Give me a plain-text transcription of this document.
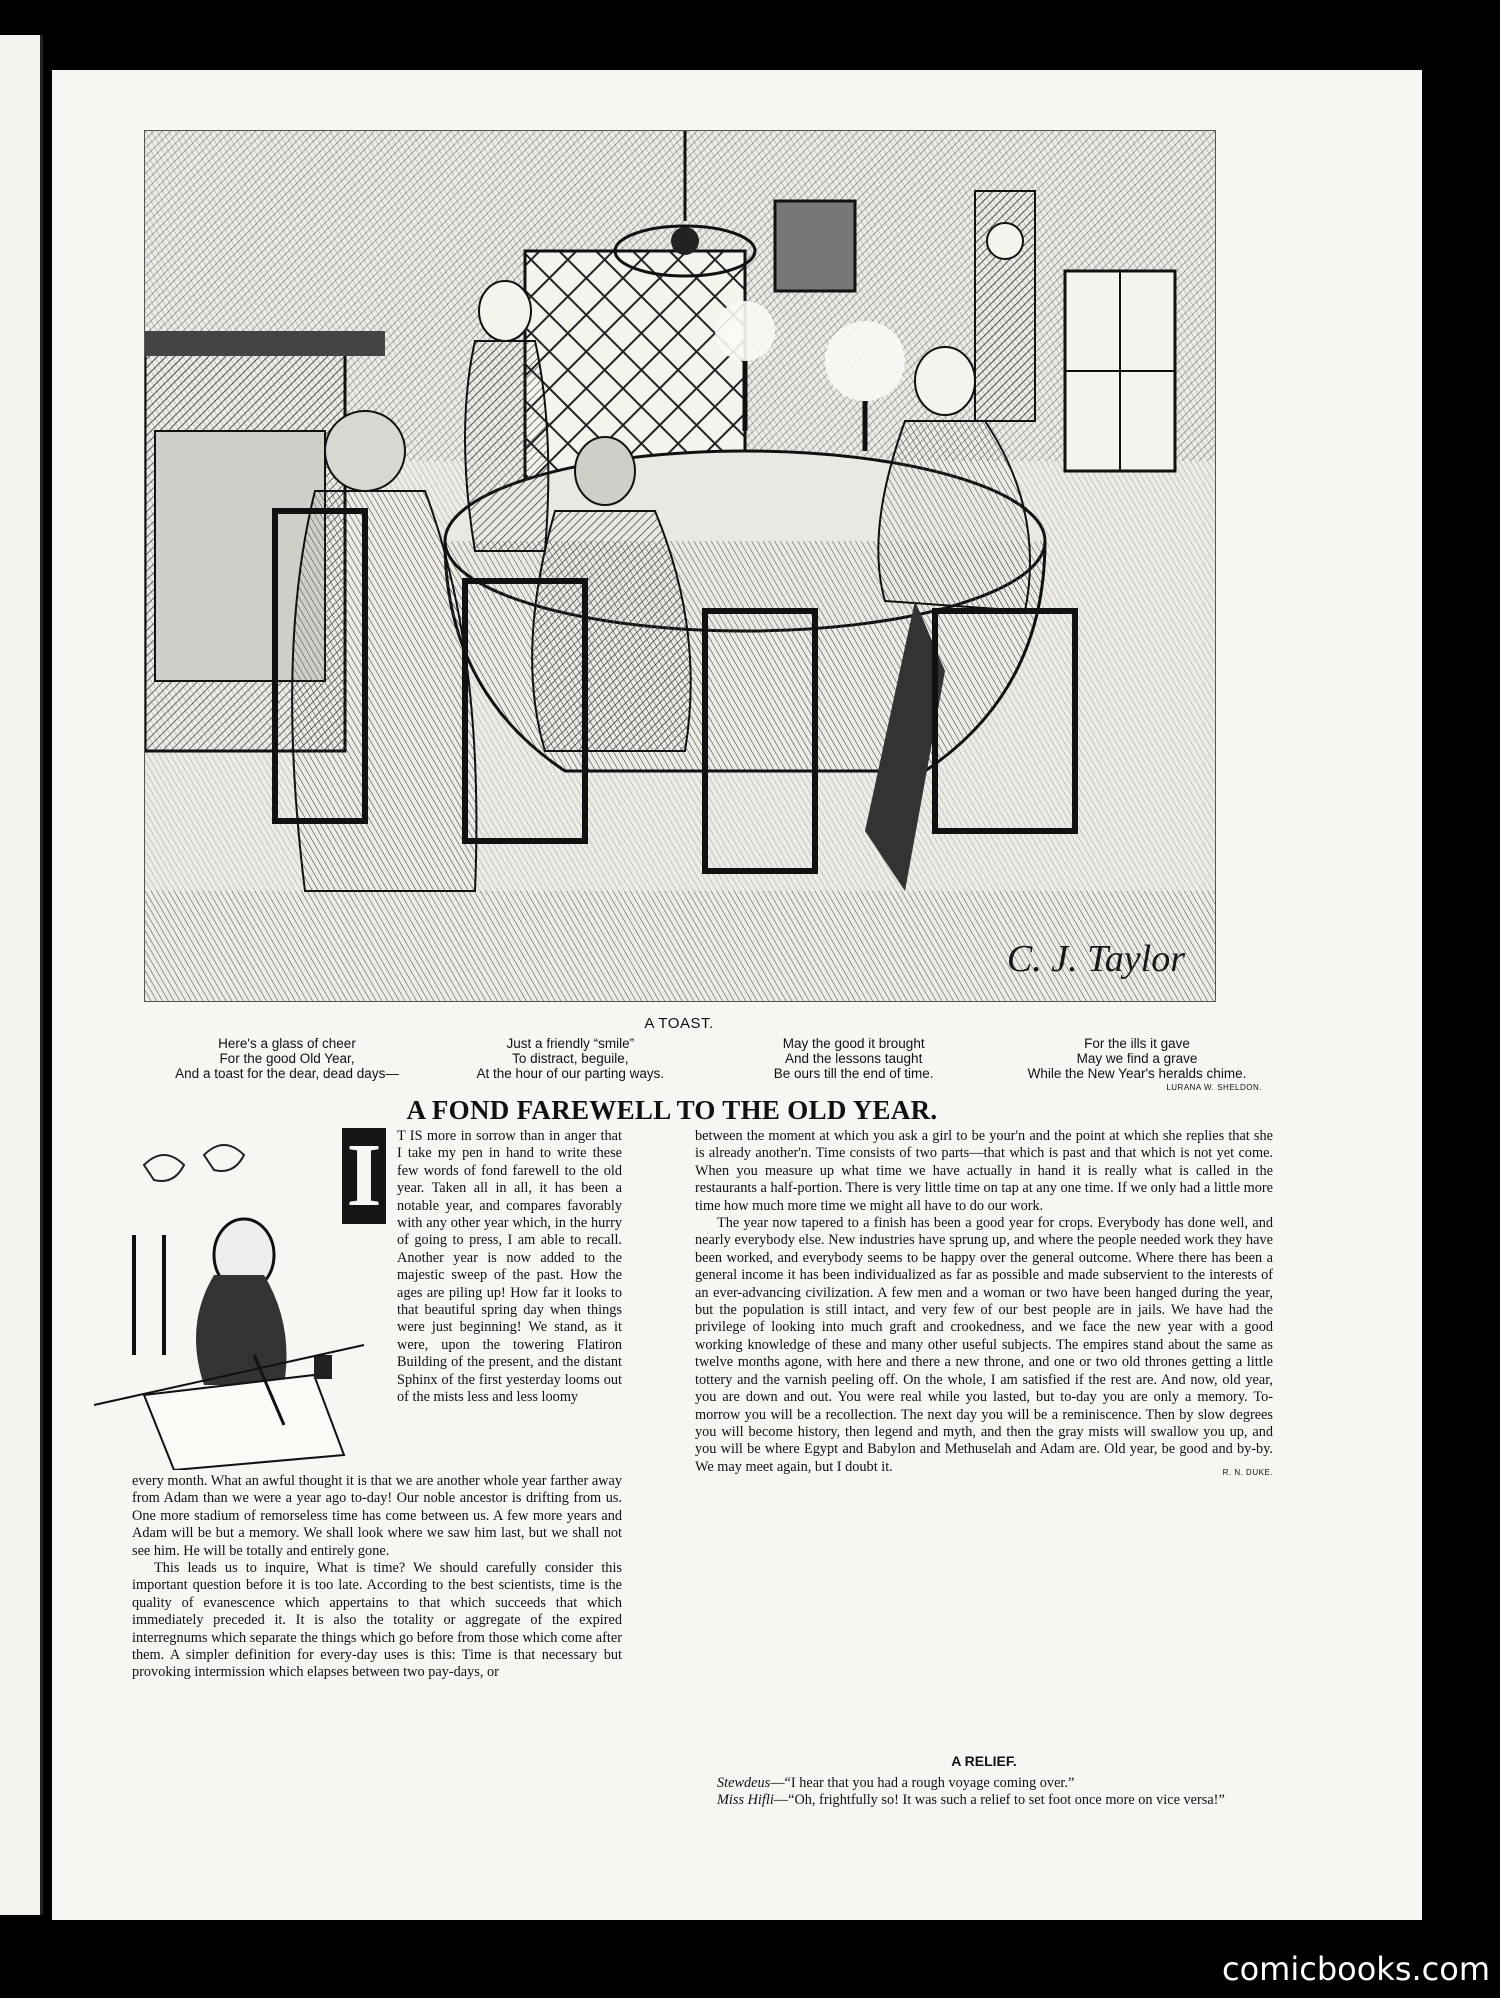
C. J. Taylor
A TOAST.
Here's a glass of cheer
For the good Old Year,
And a toast for the dear, dead days—
Just a friendly “smile”
To distract, beguile,
At the hour of our parting ways.
May the good it brought
And the lessons taught
Be ours till the end of time.
For the ills it gave
May we find a grave
While the New Year's heralds chime.
LURANA W. SHELDON.
A FOND FAREWELL TO THE OLD YEAR.
I	T IS more in sorrow than in anger that I take my pen in hand to write these few words of fond farewell to the old year. Taken all in all, it has been a notable year, and compares favorably with any other year which, in the hurry of going to press, I am able to recall. Another year is now added to the majestic sweep of the past. How the ages are piling up! How far it looks to that beautiful spring day when things were just beginning! We stand, as it were, upon the towering Flatiron Building of the present, and the distant Sphinx of the first yesterday looms out of the mists less and less loomy

every month. What an awful thought it is that we are another whole year farther away from Adam than we were a year ago to-day! Our noble ancestor is drifting from us. One more stadium of remorseless time has come between us. A few more years and Adam will be but a memory. We shall look where we saw him last, but we shall not see him. He will be totally and entirely gone.

This leads us to inquire, What is time? We should carefully consider this important question before it is too late. According to the best scientists, time is the quality of evanescence which appertains to that which succeeds that which immediately preceded it. It is also the totality or aggregate of the expired interregnums which separate the things which go before from those which come after them. A simpler definition for every-day uses is this: Time is that necessary but provoking intermission which elapses between two pay-days, or

between the moment at which you ask a girl to be your'n and the point at which she replies that she is already another'n. Time consists of two parts—that which is past and that which is not yet come. When you measure up what time we have actually in hand it is really what is called in the restaurants a half-portion. There is very little time on tap at any one time. If we only had a little more time how much more time we might all have to do our work.

The year now tapered to a finish has been a good year for crops. Everybody has done well, and nearly everybody else. New industries have sprung up, and where the people needed work they have been worked, and everybody seems to be happy over the general outcome. Where there has been a general income it has been individualized as far as possible and made subservient to the interests of an ever-advancing civilization. A few men and a woman or two have been hanged during the year, but the population is still intact, and very few of our best people are in jails. We have had the privilege of looking into much graft and crookedness, and we face the new year with a good working knowledge of these and many other useful subjects. The empires stand about the same as twelve months agone, with here and there a new throne, and one or two old thrones getting a little tottery and the varnish peeling off. On the whole, I am satisfied if the rest are. And now, old year, you are down and out. You were real while you lasted, but to-day you are only a memory. To-morrow you will be a recollection. The next day you will be a reminiscence. Then by slow degrees you will become history, then legend and myth, and then the gray mists will swallow you up, and you will be where Egypt and Babylon and Methuselah and Adam are. Old year, be good and by-by. We may meet again, but I doubt it.	R. N. DUKE.

A RELIEF.

Stewdeus—“I hear that you had a rough voyage coming over.”

Miss Hifli—“Oh, frightfully so! It was such a relief to set foot once more on vice versa!”

comicbooks.com
